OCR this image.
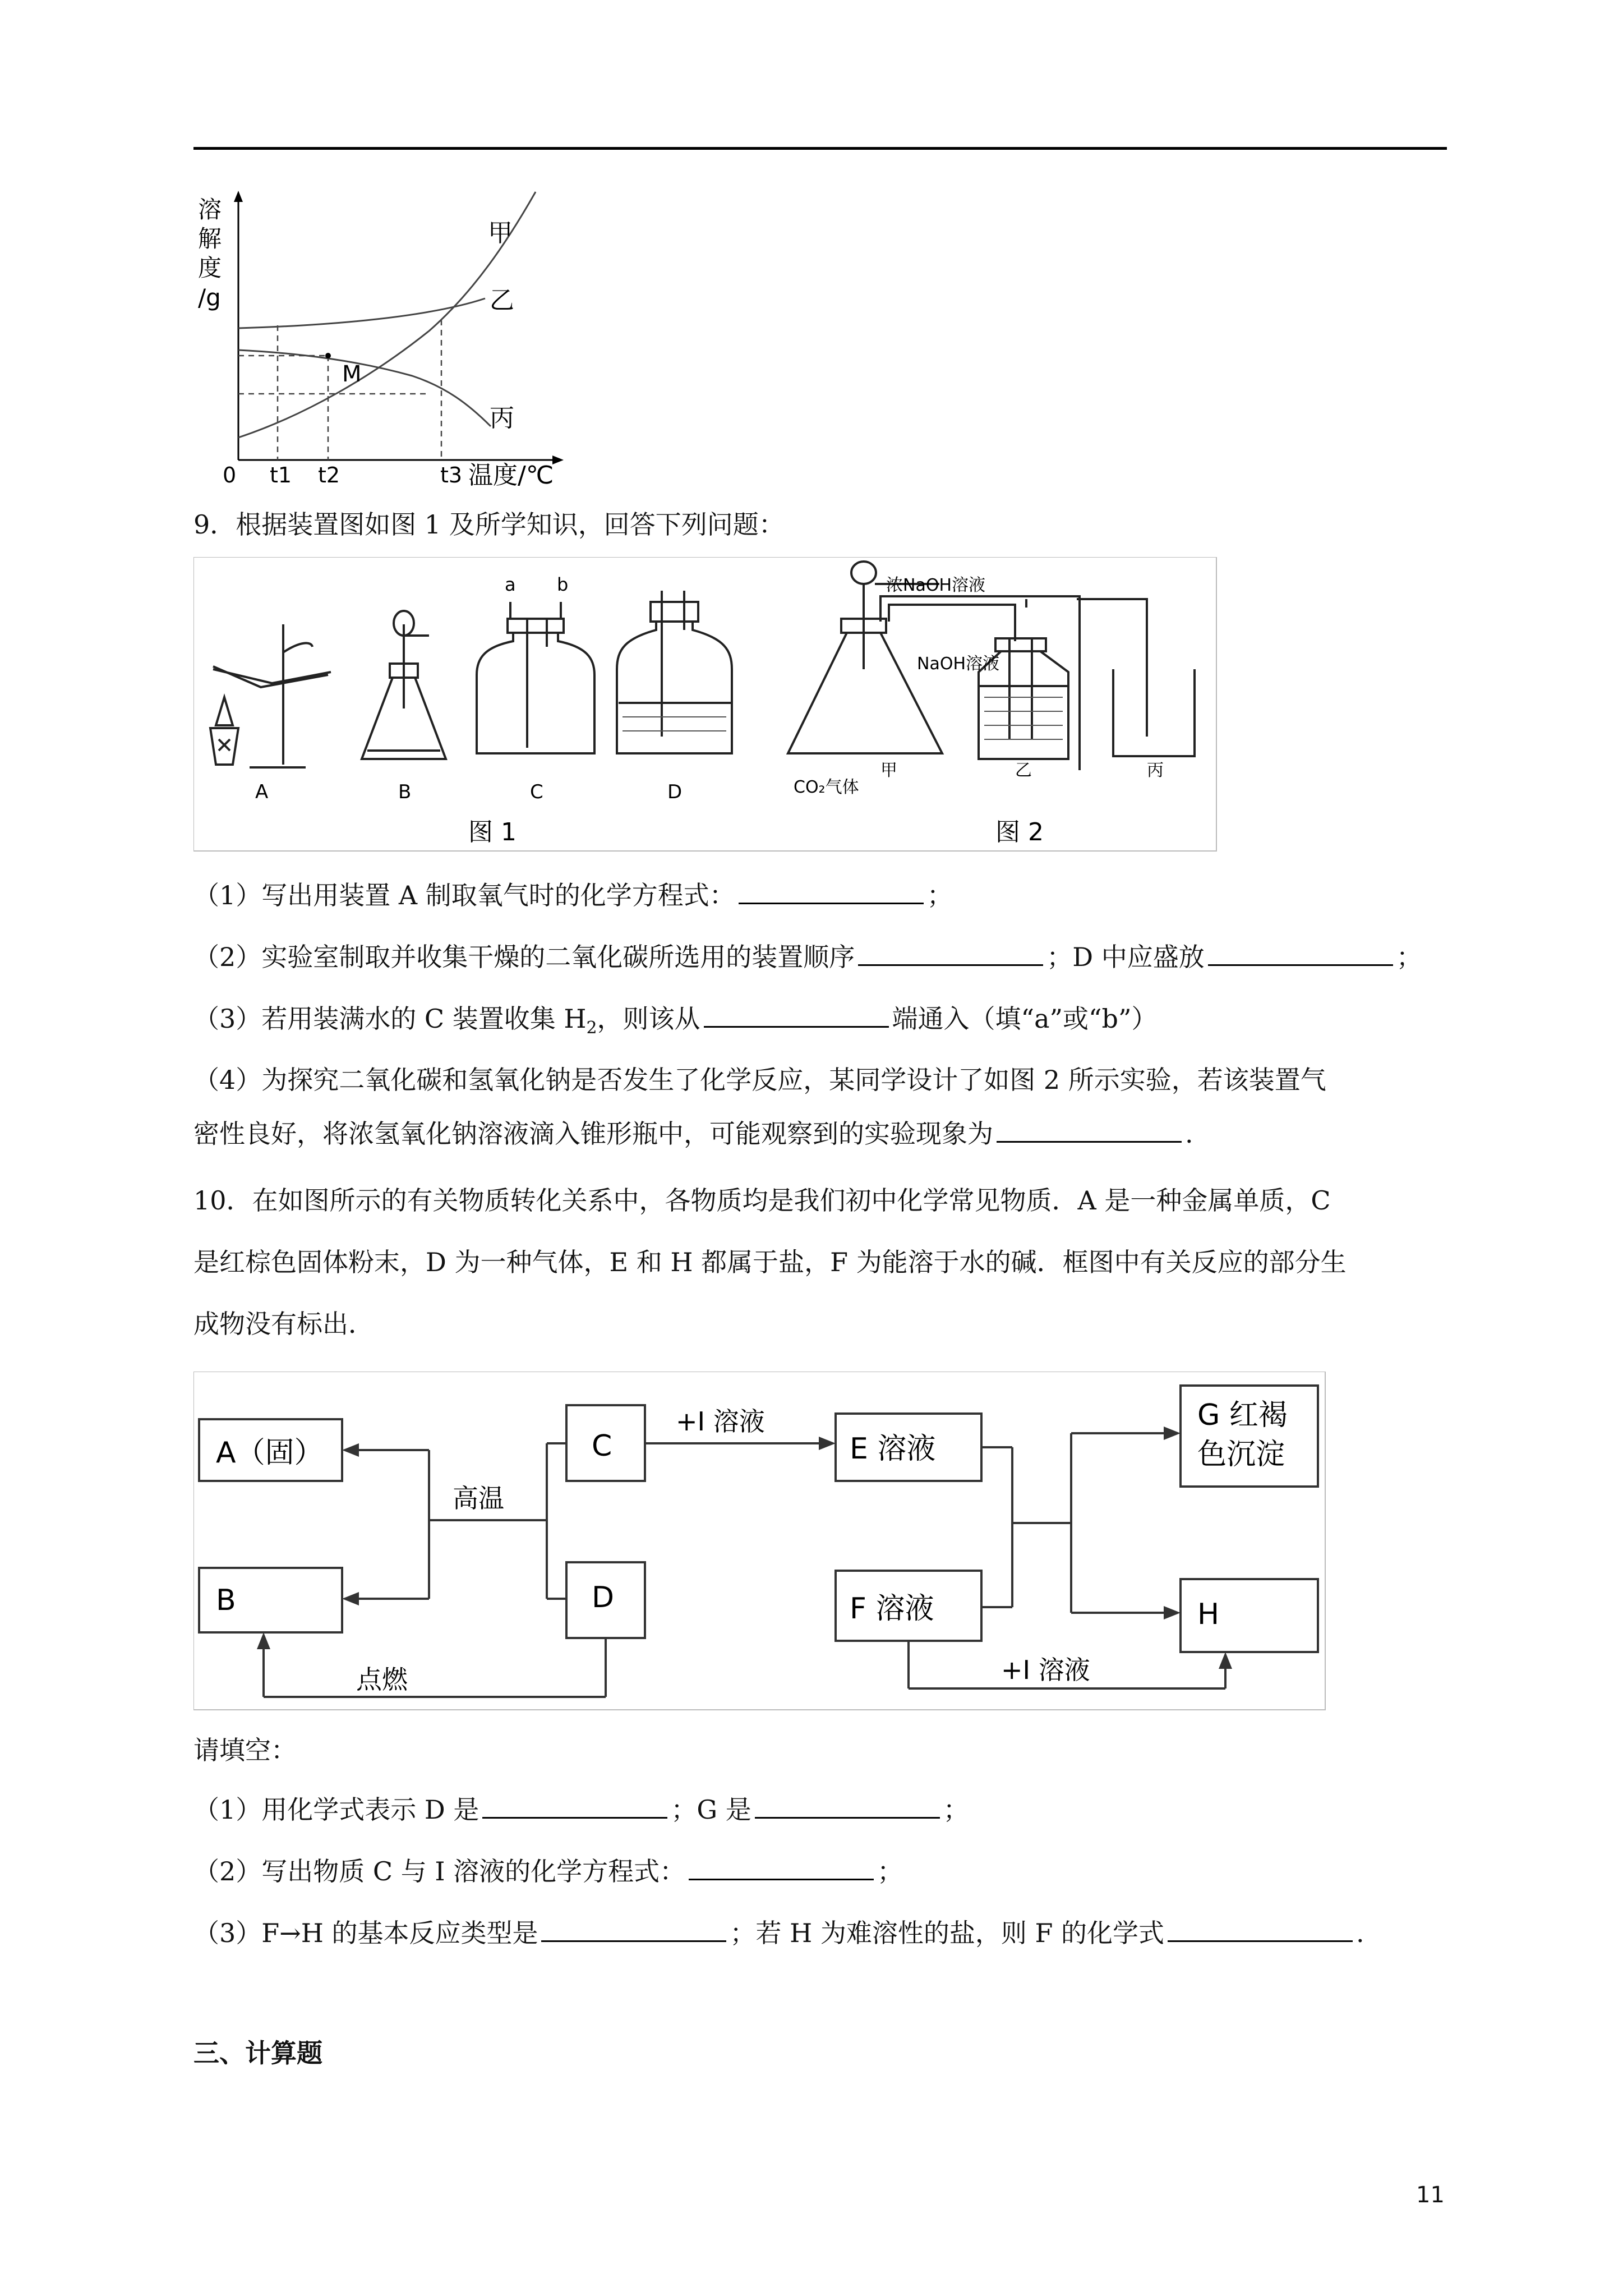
溶
解
度
/g
甲
乙
丙
M
0 t1 t2	t3 温度/℃
9．根据装置图如图 1 及所学知识，回答下列问题：
A	B	C	D
a b
图 1	图 2
浓NaOH溶液
NaOH溶液
CO₂气体
甲	乙	丙
（1）写出用装置 A 制取氧气时的化学方程式：	；
（2）实验室制取并收集干燥的二氧化碳所选用的装置顺序	；D 中应盛放	；
（3）若用装满水的 C 装置收集 $H_2$，则该从	端通入（填“a”或“b”）
（4）为探究二氧化碳和氢氧化钠是否发生了化学反应，某同学设计了如图 2 所示实验，若该装置气
密性良好，将浓氢氧化钠溶液滴入锥形瓶中，可能观察到的实验现象为	.
10．在如图所示的有关物质转化关系中，各物质均是我们初中化学常见物质．A 是一种金属单质，C
是红棕色固体粉末，D 为一种气体，E 和 H 都属于盐，F 为能溶于水的碱．框图中有关反应的部分生
成物没有标出．
A（固）
B
C
D
E 溶液
F 溶液
G 红褐
色沉淀
H
高温
点燃
+I 溶液
+I 溶液
请填空：
（1）用化学式表示 D 是	；G 是	；
（2）写出物质 C 与 I 溶液的化学方程式：	；
（3）F→H 的基本反应类型是	；若 H 为难溶性的盐，则 F 的化学式	.
三、计算题
11
